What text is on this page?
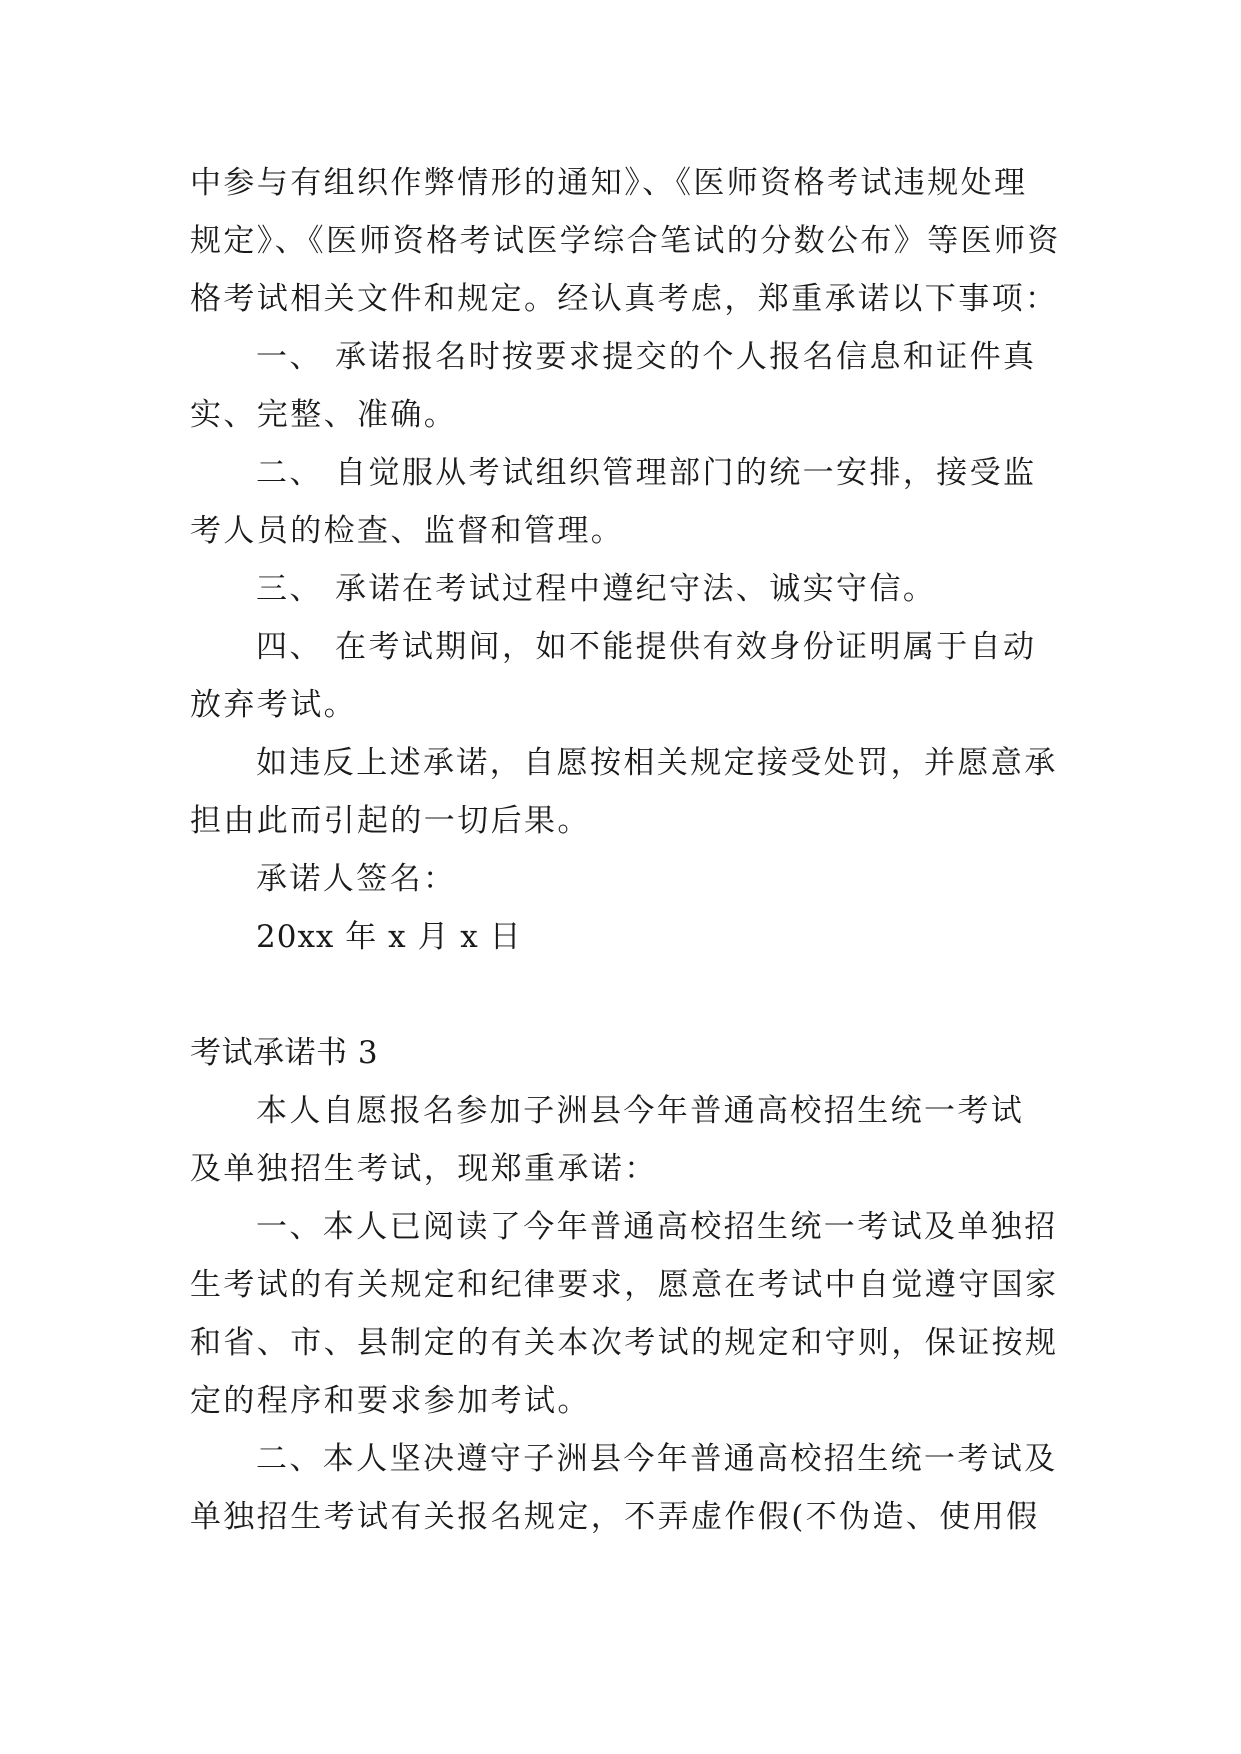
中参与有组织作弊情形的通知》、《医师资格考试违规处理
规定》、《医师资格考试医学综合笔试的分数公布》等医师资
格考试相关文件和规定。经认真考虑，郑重承诺以下事项：
一、 承诺报名时按要求提交的个人报名信息和证件真
实、完整、准确。
二、 自觉服从考试组织管理部门的统一安排，接受监
考人员的检查、监督和管理。
三、 承诺在考试过程中遵纪守法、诚实守信。
四、 在考试期间，如不能提供有效身份证明属于自动
放弃考试。
如违反上述承诺，自愿按相关规定接受处罚，并愿意承
担由此而引起的一切后果。
承诺人签名：
20xx 年 x 月 x 日
考试承诺书 3
本人自愿报名参加子洲县今年普通高校招生统一考试
及单独招生考试，现郑重承诺：
一、本人已阅读了今年普通高校招生统一考试及单独招
生考试的有关规定和纪律要求，愿意在考试中自觉遵守国家
和省、市、县制定的有关本次考试的规定和守则，保证按规
定的程序和要求参加考试。
二、本人坚决遵守子洲县今年普通高校招生统一考试及
单独招生考试有关报名规定，不弄虚作假(不伪造、使用假
